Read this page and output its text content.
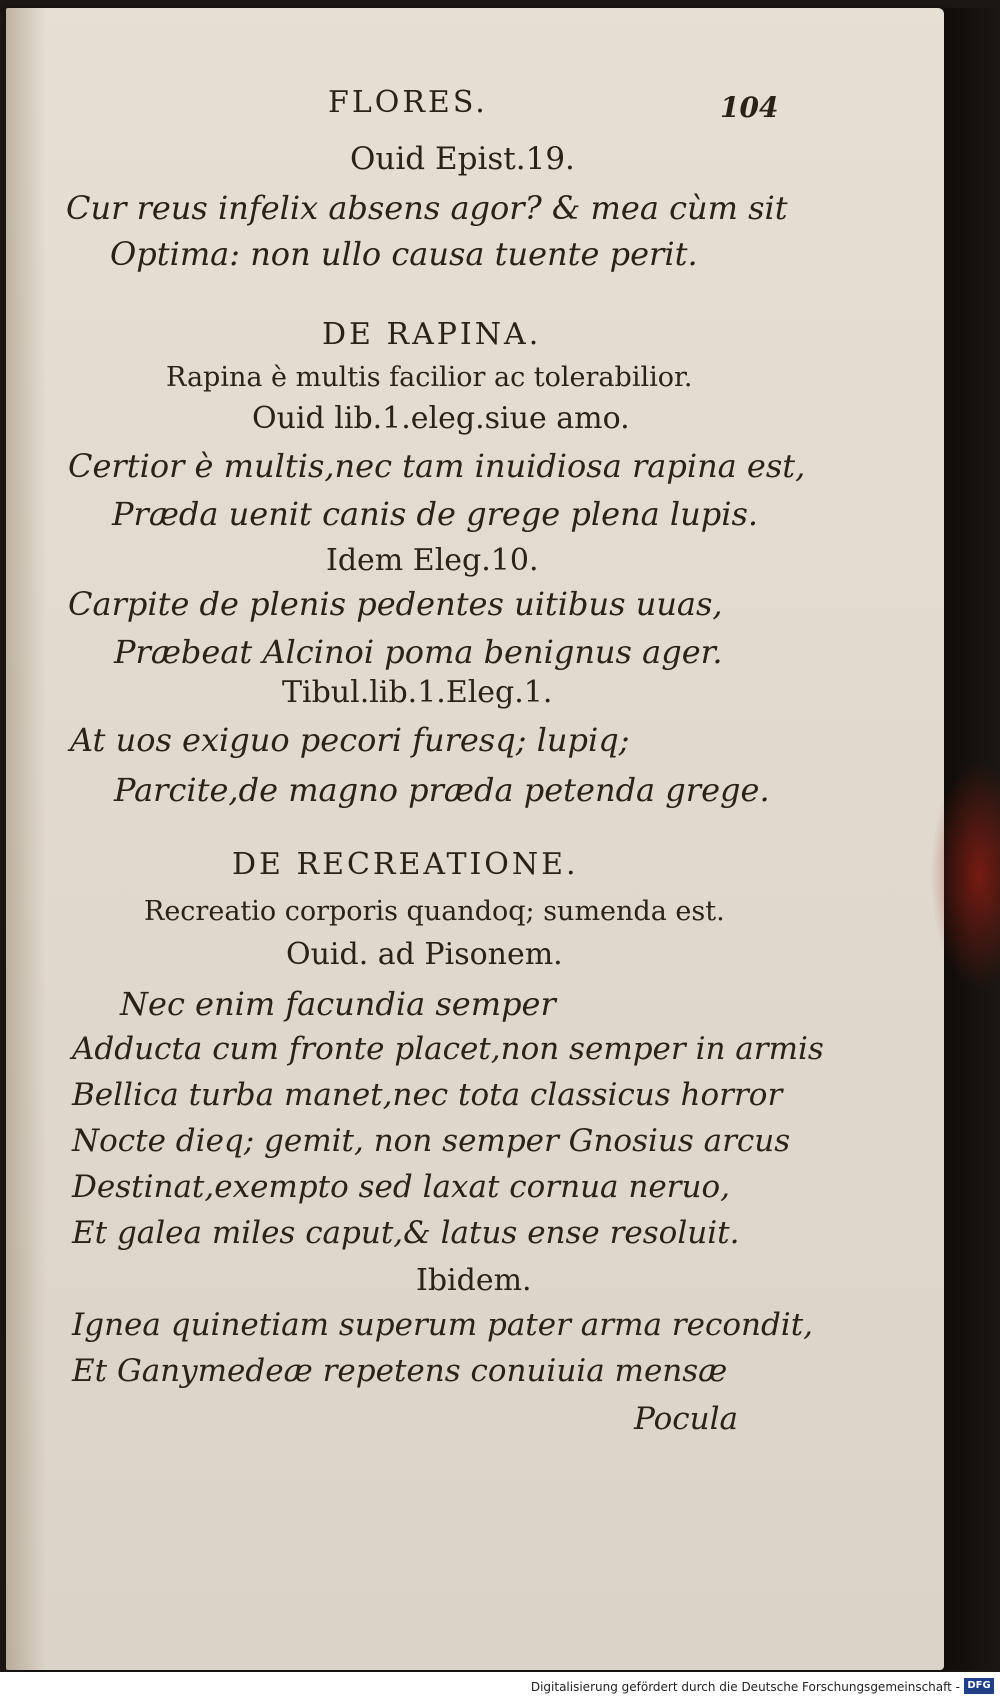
FLORES.	104
Ouid Epist.19.
Cur reus infelix absens agor? & mea cùm sit
Optima: non ullo causa tuente perit.
DE RAPINA.
Rapina è multis facilior ac tolerabilior.
Ouid lib.1.eleg.siue amo.
Certior è multis,nec tam inuidiosa rapina est,
Præda uenit canis de grege plena lupis.
Idem Eleg.10.
Carpite de plenis pedentes uitibus uuas,
Præbeat Alcinoi poma benignus ager.
Tibul.lib.1.Eleg.1.
At uos exiguo pecori furesq; lupiq;
Parcite,de magno præda petenda grege.
DE RECREATIONE.
Recreatio corporis quandoq; sumenda est.
Ouid. ad Pisonem.
Nec enim facundia semper
Adducta cum fronte placet,non semper in armis
Bellica turba manet,nec tota classicus horror
Nocte dieq; gemit, non semper Gnosius arcus
Destinat,exempto sed laxat cornua neruo,
Et galea miles caput,& latus ense resoluit.
Ibidem.
Ignea quinetiam superum pater arma recondit,
Et Ganymedeæ repetens conuiuia mensæ
Pocula
Digitalisierung gefördert durch die Deutsche Forschungsgemeinschaft - DFG
